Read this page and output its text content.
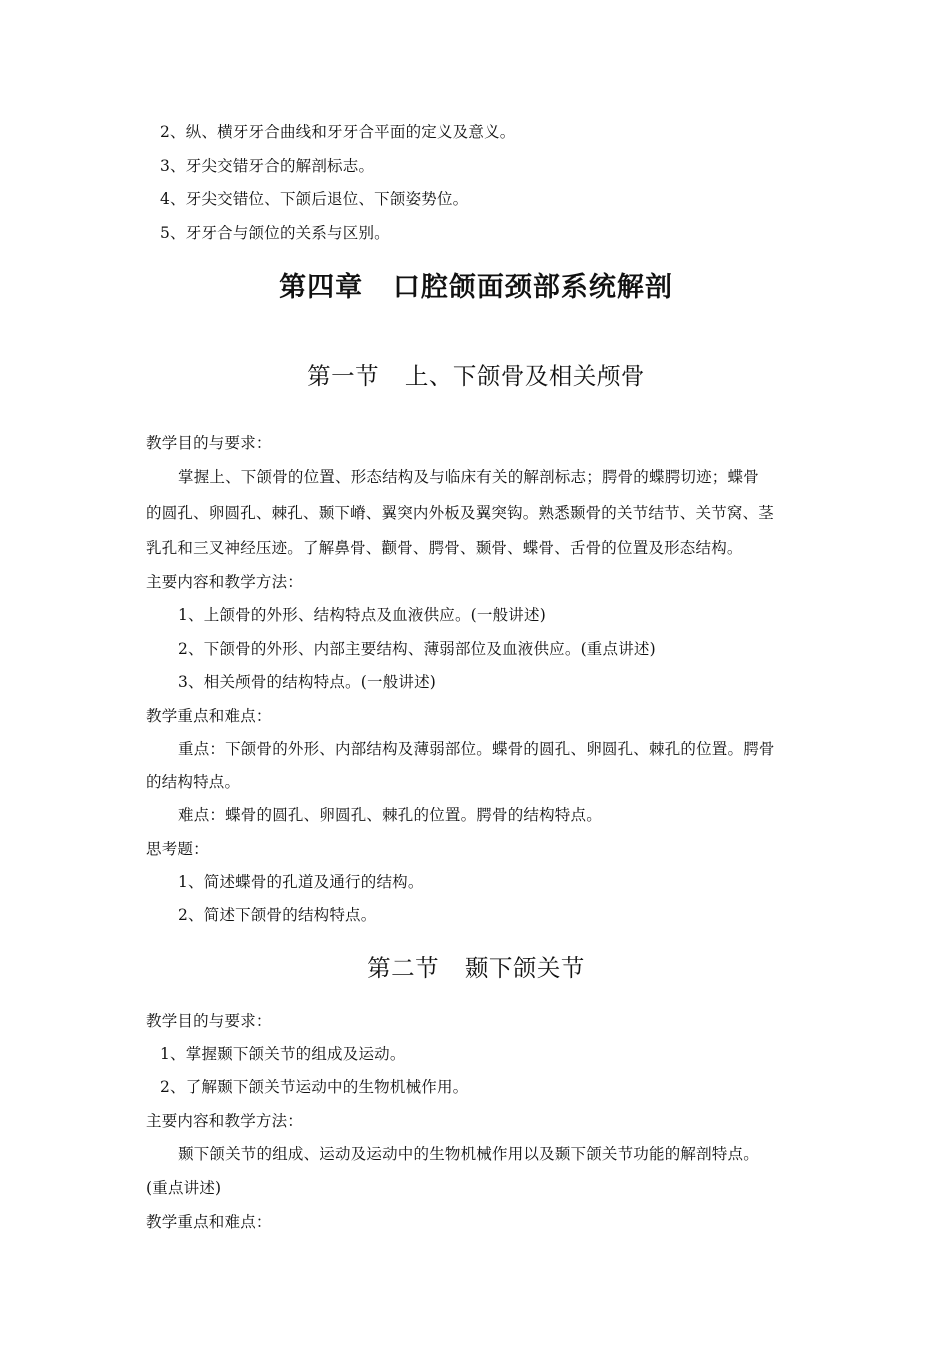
2、纵、横牙牙合曲线和牙牙合平面的定义及意义。
3、牙尖交错牙合的解剖标志。
4、牙尖交错位、下颌后退位、下颌姿势位。
5、牙牙合与颌位的关系与区别。
第四章 口腔颌面颈部系统解剖
第一节 上、下颌骨及相关颅骨
教学目的与要求：
掌握上、下颌骨的位置、形态结构及与临床有关的解剖标志；腭骨的蝶腭切迹；蝶骨
的圆孔、卵圆孔、棘孔、颞下嵴、翼突内外板及翼突钩。熟悉颞骨的关节结节、关节窝、茎
乳孔和三叉神经压迹。了解鼻骨、颧骨、腭骨、颞骨、蝶骨、舌骨的位置及形态结构。
主要内容和教学方法：
1、上颌骨的外形、结构特点及血液供应。(一般讲述)
2、下颌骨的外形、内部主要结构、薄弱部位及血液供应。(重点讲述)
3、相关颅骨的结构特点。(一般讲述)
教学重点和难点：
重点：下颌骨的外形、内部结构及薄弱部位。蝶骨的圆孔、卵圆孔、棘孔的位置。腭骨
的结构特点。
难点：蝶骨的圆孔、卵圆孔、棘孔的位置。腭骨的结构特点。
思考题：
1、简述蝶骨的孔道及通行的结构。
2、简述下颌骨的结构特点。
第二节 颞下颌关节
教学目的与要求：
1、掌握颞下颌关节的组成及运动。
2、了解颞下颌关节运动中的生物机械作用。
主要内容和教学方法：
颞下颌关节的组成、运动及运动中的生物机械作用以及颞下颌关节功能的解剖特点。
(重点讲述)
教学重点和难点：
